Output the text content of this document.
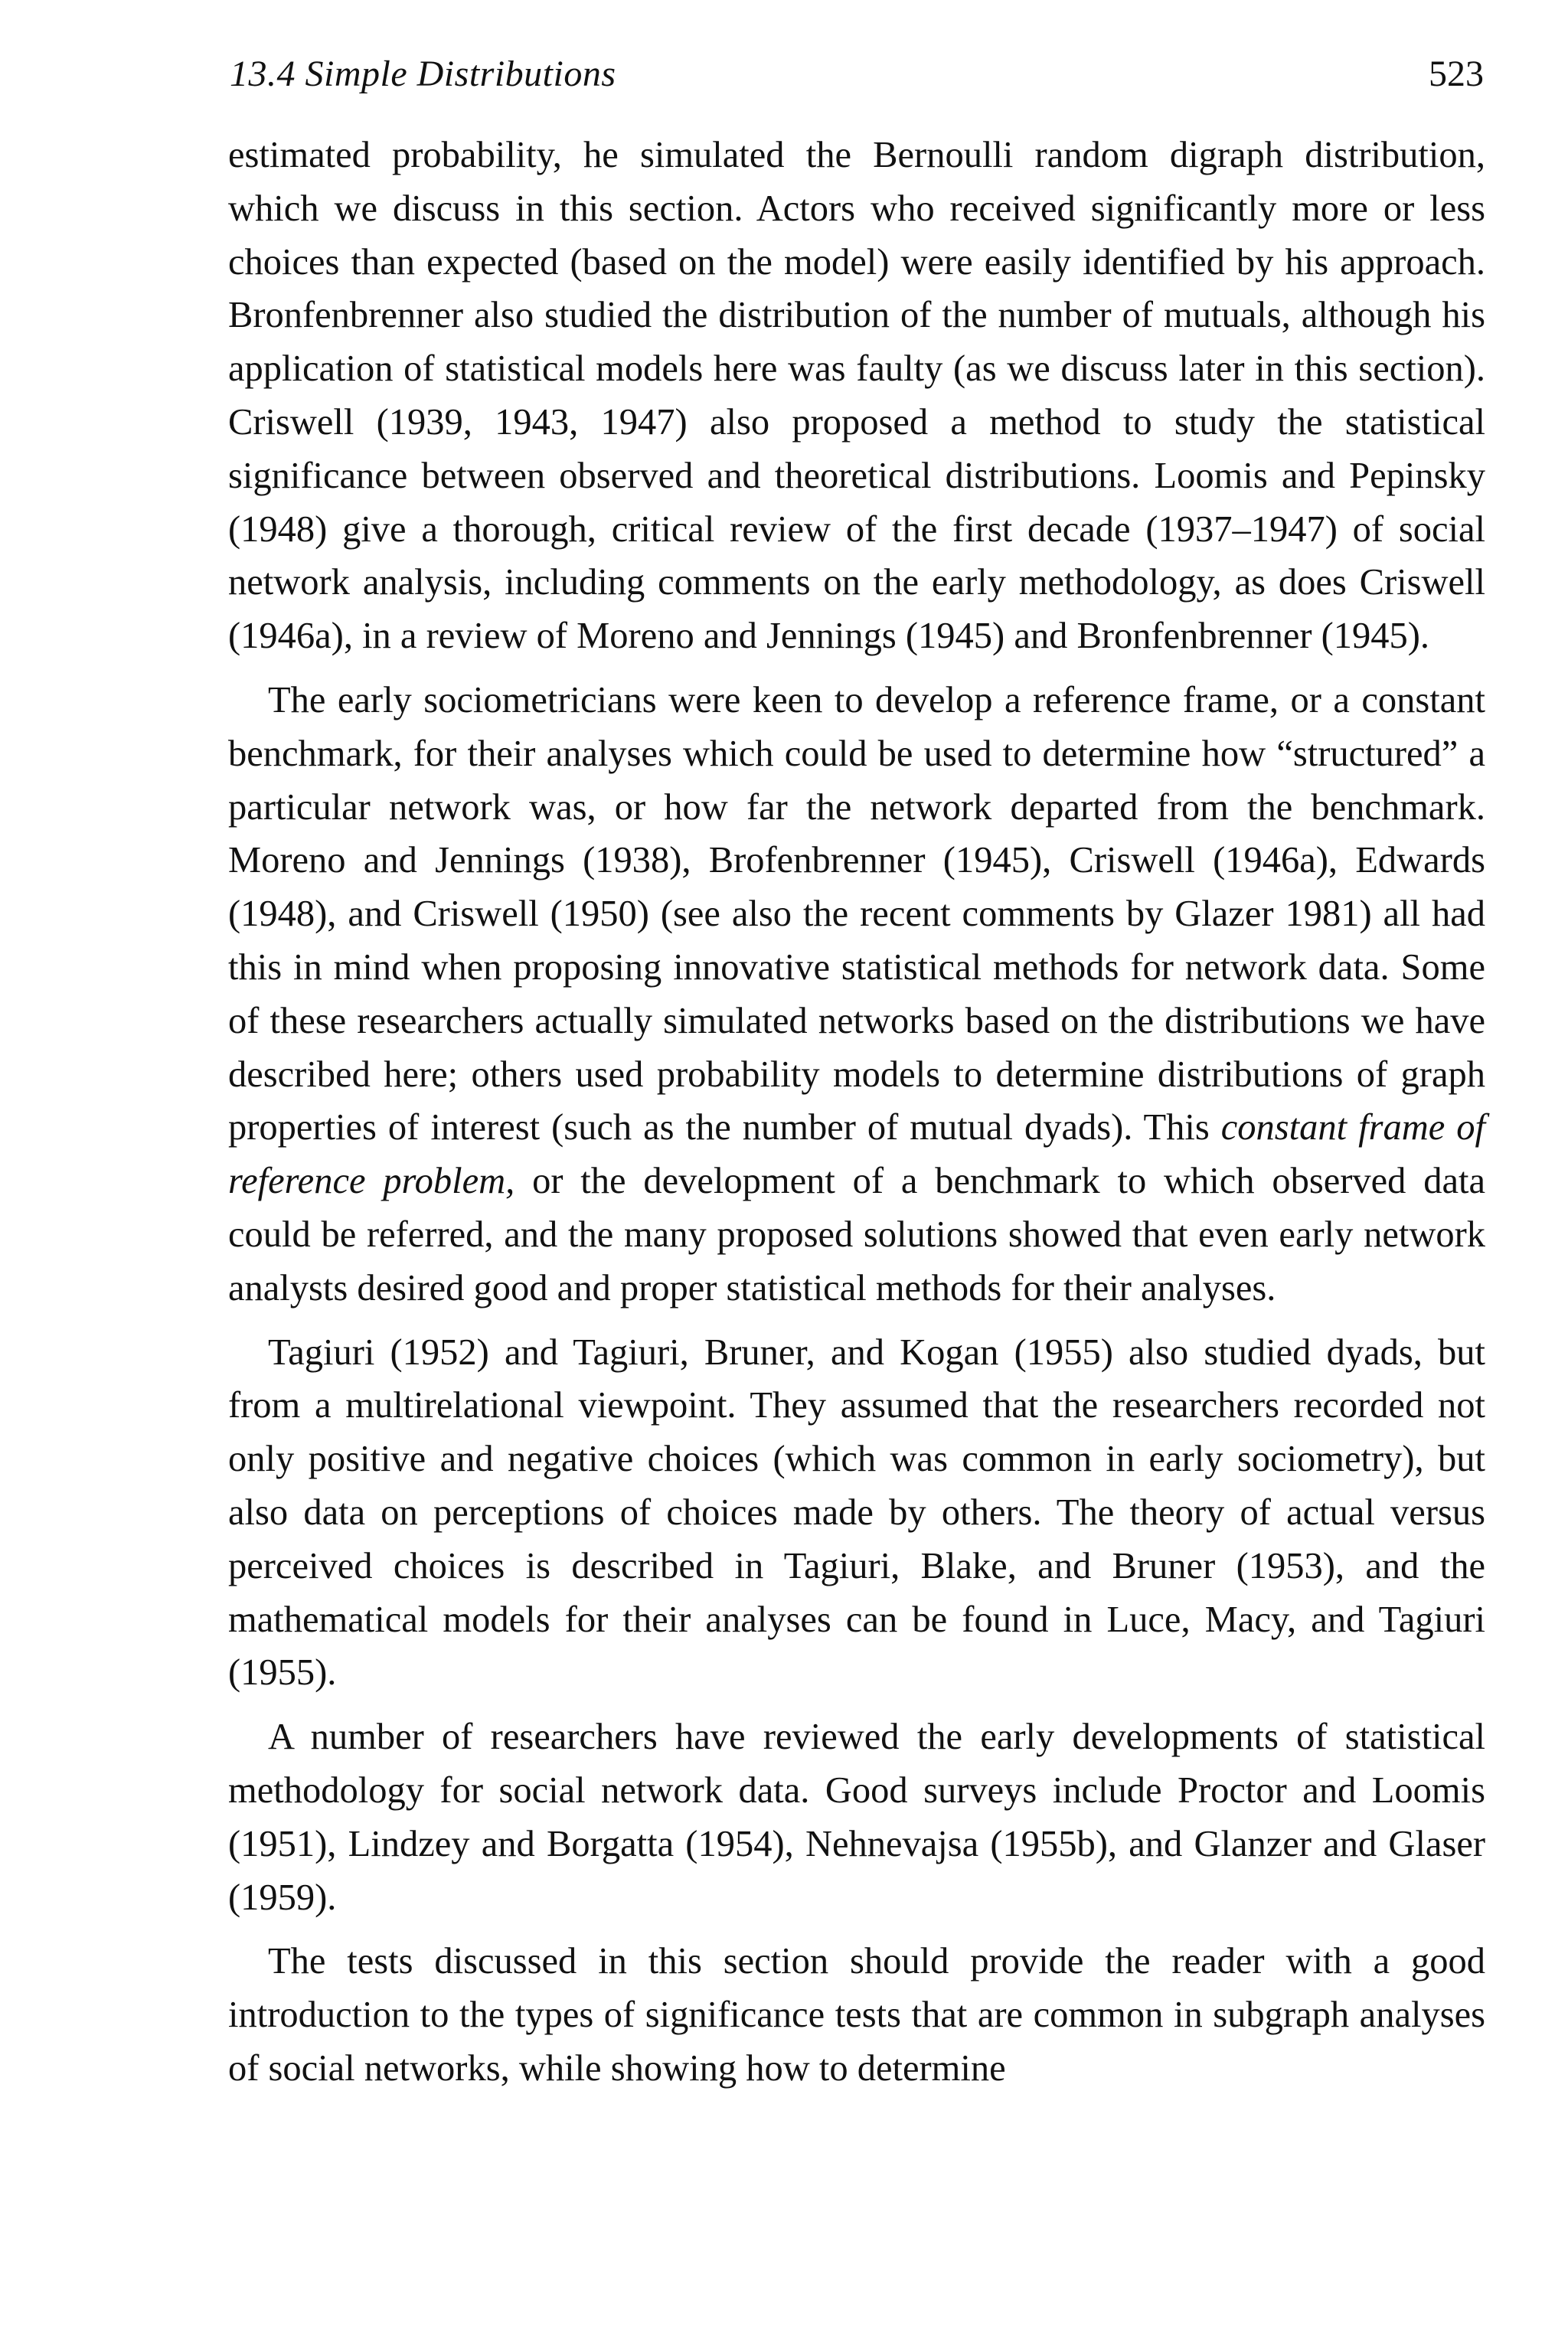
13.4 Simple Distributions	523

estimated probability, he simulated the Bernoulli random digraph distribution, which we discuss in this section. Actors who received significantly more or less choices than expected (based on the model) were easily identified by his approach. Bronfenbrenner also studied the distribution of the number of mutuals, although his application of statistical models here was faulty (as we discuss later in this section). Criswell (1939, 1943, 1947) also proposed a method to study the statistical significance between observed and theoretical distributions. Loomis and Pepinsky (1948) give a thorough, critical review of the first decade (1937–1947) of social network analysis, including comments on the early methodology, as does Criswell (1946a), in a review of Moreno and Jennings (1945) and Bronfenbrenner (1945).

The early sociometricians were keen to develop a reference frame, or a constant benchmark, for their analyses which could be used to determine how “structured” a particular network was, or how far the network departed from the benchmark. Moreno and Jennings (1938), Brofenbrenner (1945), Criswell (1946a), Edwards (1948), and Criswell (1950) (see also the recent comments by Glazer 1981) all had this in mind when proposing innovative statistical methods for network data. Some of these researchers actually simulated networks based on the distributions we have described here; others used probability models to determine distributions of graph properties of interest (such as the number of mutual dyads). This constant frame of reference problem, or the development of a benchmark to which observed data could be referred, and the many proposed solutions showed that even early network analysts desired good and proper statistical methods for their analyses.

Tagiuri (1952) and Tagiuri, Bruner, and Kogan (1955) also studied dyads, but from a multirelational viewpoint. They assumed that the researchers recorded not only positive and negative choices (which was common in early sociometry), but also data on perceptions of choices made by others. The theory of actual versus perceived choices is described in Tagiuri, Blake, and Bruner (1953), and the mathematical models for their analyses can be found in Luce, Macy, and Tagiuri (1955).

A number of researchers have reviewed the early developments of statistical methodology for social network data. Good surveys include Proctor and Loomis (1951), Lindzey and Borgatta (1954), Nehnevajsa (1955b), and Glanzer and Glaser (1959).

The tests discussed in this section should provide the reader with a good introduction to the types of significance tests that are common in subgraph analyses of social networks, while showing how to determine
